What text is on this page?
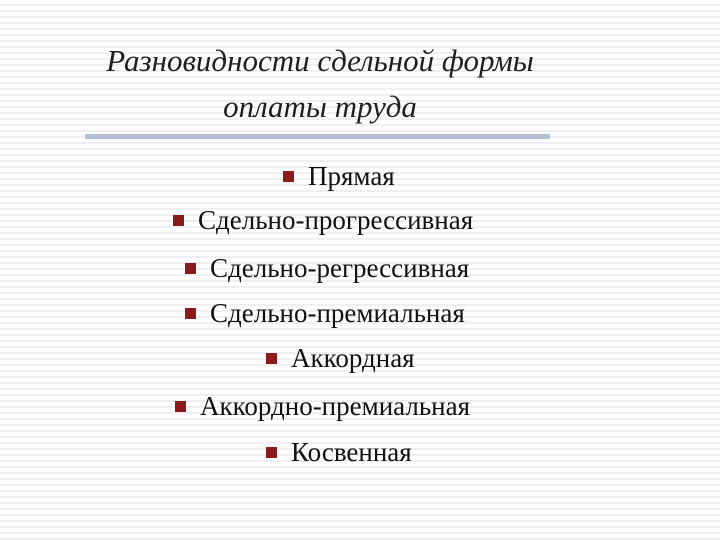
Разновидности сдельной формы
оплаты труда
Прямая
Сдельно-прогрессивная
Сдельно-регрессивная
Сдельно-премиальная
Аккордная
Аккордно-премиальная
Косвенная
